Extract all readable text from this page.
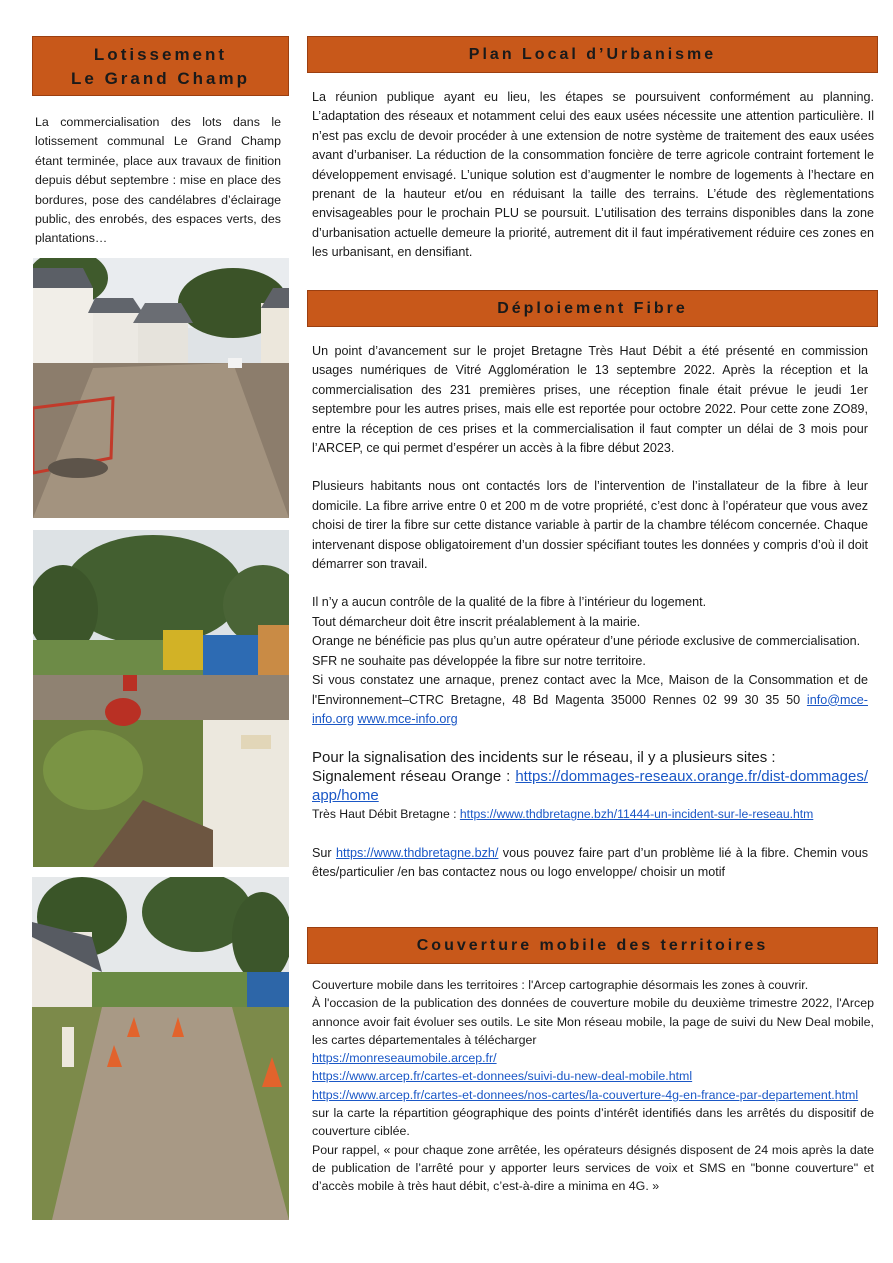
Lotissement
Le Grand Champ
La commercialisation des lots dans le lotissement communal Le Grand Champ étant terminée, place aux travaux de finition depuis début septembre : mise en place des bordures, pose des candélabres d’éclairage public, des enrobés, des espaces verts, des plantations…
Plan Local d’Urbanisme
La réunion publique ayant eu lieu, les étapes se poursuivent conformément au planning. L’adaptation des réseaux et notamment celui des eaux usées nécessite une attention particulière. Il n’est pas exclu de devoir procéder à une extension de notre système de traitement des eaux usées avant d’urbaniser. La réduction de la consommation foncière de terre agricole contraint fortement le développement envisagé. L’unique solution est d’augmenter le nombre de logements à l’hectare en prenant de la hauteur et/ou en réduisant la taille des terrains. L’étude des règlementations envisageables pour le prochain PLU se poursuit. L’utilisation des terrains disponibles dans la zone d’urbanisation actuelle demeure la priorité, autrement dit il faut impérativement réduire ces zones en les urbanisant, en densifiant.
Déploiement Fibre

Un point d’avancement sur le projet Bretagne Très Haut Débit a été présenté en commission usages numériques de Vitré Agglomération le 13 septembre 2022. Après la réception et la commercialisation des 231 premières prises, une réception finale était prévue le jeudi 1er septembre pour les autres prises, mais elle est reportée pour octobre 2022. Pour cette zone ZO89, entre la réception de ces prises et la commercialisation il faut compter un délai de 3 mois pour l’ARCEP, ce qui permet d’espérer un accès à la fibre début 2023.

Plusieurs habitants nous ont contactés lors de l’intervention de l’installateur de la fibre à leur domicile. La fibre arrive entre 0 et 200 m de votre propriété, c’est donc à l’opérateur que vous avez choisi de tirer la fibre sur cette distance variable à partir de la chambre télécom concernée. Chaque intervenant dispose obligatoirement d’un dossier spécifiant toutes les données y compris d’où il doit démarrer son travail.

Il n’y a aucun contrôle de la qualité de la fibre à l’intérieur du logement.

Tout démarcheur doit être inscrit préalablement à la mairie.

Orange ne bénéficie pas plus qu’un autre opérateur d’une période exclusive de commercialisation.

SFR ne souhaite pas développée la fibre sur notre territoire.

Si vous constatez une arnaque, prenez contact avec la Mce, Maison de la Consommation et de l'Environnement–CTRC Bretagne, 48 Bd Magenta 35000 Rennes 02 99 30 35 50 info@mce-info.org www.mce-info.org

Pour la signalisation des incidents sur le réseau, il y a plusieurs sites :

Signalement réseau Orange : https://dommages-reseaux.orange.fr/dist-dommages/app/home

Très Haut Débit Bretagne : https://www.thdbretagne.bzh/11444-un-incident-sur-le-reseau.htm

Sur https://www.thdbretagne.bzh/ vous pouvez faire part d’un problème lié à la fibre. Chemin vous êtes/particulier /en bas contactez nous ou logo enveloppe/ choisir un motif

Couverture mobile des territoires

Couverture mobile dans les territoires : l'Arcep cartographie désormais les zones à couvrir.

À l'occasion de la publication des données de couverture mobile du deuxième trimestre 2022, l'Arcep annonce avoir fait évoluer ses outils. Le site Mon réseau mobile, la page de suivi du New Deal mobile, les cartes départementales à télécharger

https://monreseaumobile.arcep.fr/

https://www.arcep.fr/cartes-et-donnees/suivi-du-new-deal-mobile.html

https://www.arcep.fr/cartes-et-donnees/nos-cartes/la-couverture-4g-en-france-par-departement.html

sur la carte la répartition géographique des points d’intérêt identifiés dans les arrêtés du dispositif de couverture ciblée.

Pour rappel, « pour chaque zone arrêtée, les opérateurs désignés disposent de 24 mois après la date de publication de l’arrêté pour y apporter leurs services de voix et SMS en "bonne couverture" et d’accès mobile à très haut débit, c’est-à-dire a minima en 4G. »
